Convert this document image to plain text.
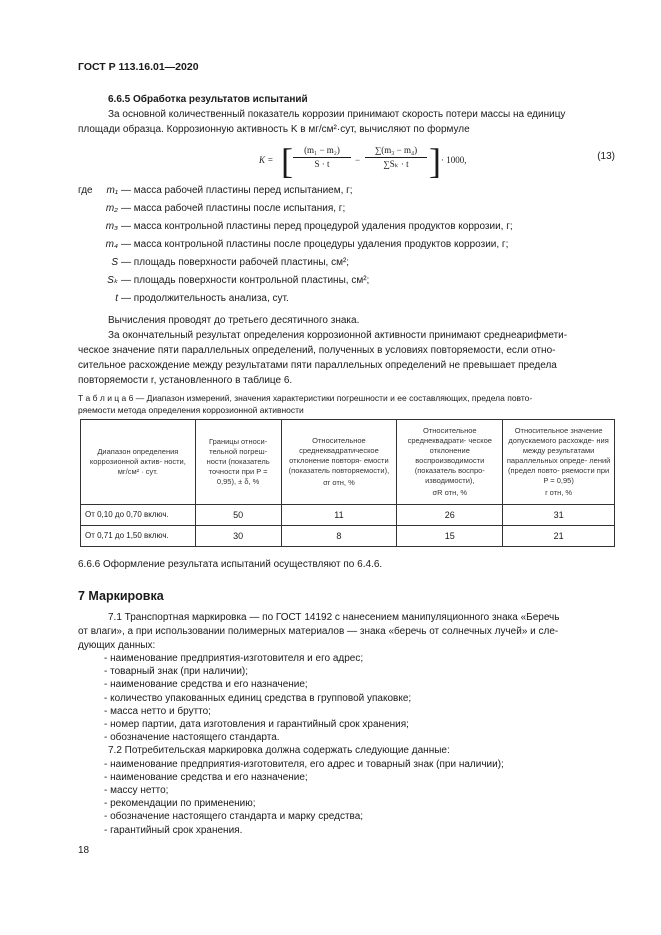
ГОСТ Р 113.16.01—2020
6.6.5 Обработка результатов испытаний
За основной количественный показатель коррозии принимают скорость потери массы на единицу
площади образца. Коррозионную активность K в мг/см²·сут, вычисляют по формуле
K = [ $\frac{\text{(m₁ − m₂)}}{S \cdot t} - \frac{\text{∑(m₃ − m₄)}}{\text{∑Sₖ · t}}$ ] · 1000,	(13)
где	m₁ — масса рабочей пластины перед испытанием, г;
m₂ — масса рабочей пластины после испытания, г;
m₃ — масса контрольной пластины перед процедурой удаления продуктов коррозии, г;
m₄ — масса контрольной пластины после процедуры удаления продуктов коррозии, г;
S — площадь поверхности рабочей пластины, см²;
Sₖ — площадь поверхности контрольной пластины, см²;
t — продолжительность анализа, сут.
Вычисления проводят до третьего десятичного знака.
За окончательный результат определения коррозионной активности принимают среднеарифмети-
ческое значение пяти параллельных определений, полученных в условиях повторяемости, если отно-
сительное расхождение между результатами пяти параллельных определений не превышает предела
повторяемости r, установленного в таблице 6.
Т а б л и ц а 6 — Диапазон измерений, значения характеристики погрешности и ее составляющих, предела повто-
ряемости метода определения коррозионной активности
Диапазон определения коррозионной актив- ности, мг/см² · сут.	Границы относи- тельной погреш- ности (показатель точности при P = 0,95), ± δ, %	Относительное среднеквадратическое отклонение повторя- емости (показатель повторяемости),
σr отн, %	Относительное среднеквадрати- ческое отклонение воспроизводимости (показатель воспро- изводимости),
σR отн, %	Относительное значение допускаемого расхожде- ния между результатами параллельных опреде- лений (предел повто- ряемости при P = 0,95)
r отн, %

От 0,10 до 0,70 включ.	50	11	26	31
От 0,71 до 1,50 включ.	30	8	15	21
6.6.6 Оформление результата испытаний осуществляют по 6.4.6.
7 Маркировка
7.1 Транспортная маркировка — по ГОСТ 14192 с нанесением манипуляционного знака «Беречь
от влаги», а при использовании полимерных материалов — знака «беречь от солнечных лучей» и сле-
дующих данных:
- наименование предприятия-изготовителя и его адрес;
- товарный знак (при наличии);
- наименование средства и его назначение;
- количество упакованных единиц средства в групповой упаковке;
- масса нетто и брутто;
- номер партии, дата изготовления и гарантийный срок хранения;
- обозначение настоящего стандарта.
7.2 Потребительская маркировка должна содержать следующие данные:
- наименование предприятия-изготовителя, его адрес и товарный знак (при наличии);
- наименование средства и его назначение;
- массу нетто;
- рекомендации по применению;
- обозначение настоящего стандарта и марку средства;
- гарантийный срок хранения.
18
